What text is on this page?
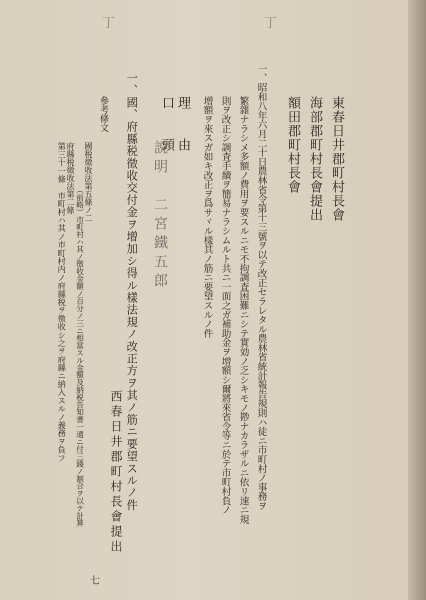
丁
丁
東春日井郡町村長會
海部郡町村長會提出
額田郡町村長會
一、昭和八年六月二十日農林省令第十三號ヲ以テ改正セラレタル農林省統計報告規則ハ徒ニ市町村ノ事務ヲ
繁雜ナラシメ多額ノ費用ヲ要スルニモ不拘調査困難ニシテ實効ノ乏シキモノ尠ナカラザルニ依リ速ニ規
則ヲ改正シ調査手續ヲ簡易ナラシムルト共ニ一面之ガ補助金ヲ增額シ爾將來省令等ニ於テ市町村負ノ
增額ヲ來スガ如キ改正ヲ爲サヾル樣其ノ筋ニ要望スルノ件
理　　由
口　　頭
説明　二宮鐵五郎
一、國、府縣税徵收交付金ヲ增加シ得ル樣法規ノ改正方ヲ其ノ筋ニ要望スルノ件
西春日井郡町村長會提出
參考條文
國税徵收法第五條ノ二
（前略）市町村ハ其ノ徵收金額ノ百分ノ三ニ相當スル金額及納税告知書一通ニ付三錢ノ割合ヲ以テ計算
府縣税徵收法第二條
第三十一條　市町村ハ其ノ市町村内ノ府縣税ヲ徵收シ之ヲ府縣ニ納入スルノ義務ヲ負フ
七
